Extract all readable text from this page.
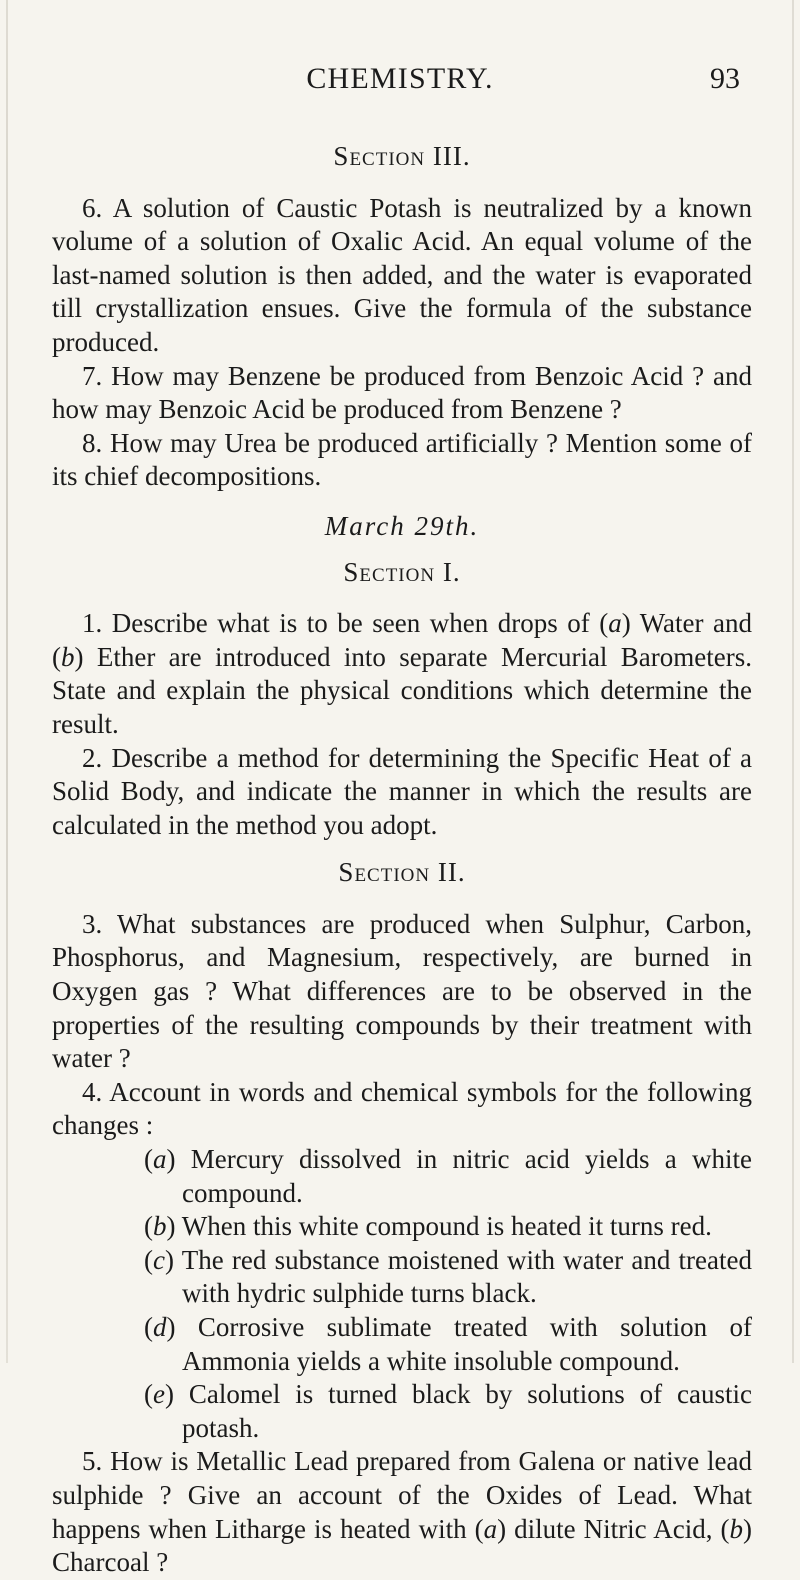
CHEMISTRY.	93
Section III.

6. A solution of Caustic Potash is neutralized by a known volume of a solution of Oxalic Acid. An equal volume of the last-named solution is then added, and the water is evaporated till crystallization ensues. Give the formula of the substance produced.

7. How may Benzene be produced from Benzoic Acid ? and how may Benzoic Acid be produced from Benzene ?

8. How may Urea be produced artificially ? Mention some of its chief decompositions.

March 29th.
Section I.

1. Describe what is to be seen when drops of (a) Water and (b) Ether are introduced into separate Mercurial Barometers. State and explain the physical conditions which determine the result.

2. Describe a method for determining the Specific Heat of a Solid Body, and indicate the manner in which the results are calculated in the method you adopt.

Section II.

3. What substances are produced when Sulphur, Carbon, Phosphorus, and Magnesium, respectively, are burned in Oxygen gas ? What differences are to be observed in the properties of the resulting compounds by their treatment with water ?

4. Account in words and chemical symbols for the following changes :

(a) Mercury dissolved in nitric acid yields a white compound.
(b) When this white compound is heated it turns red.
(c) The red substance moistened with water and treated with hydric sulphide turns black.
(d) Corrosive sublimate treated with solution of Ammonia yields a white insoluble compound.
(e) Calomel is turned black by solutions of caustic potash.

5. How is Metallic Lead prepared from Galena or native lead sulphide ? Give an account of the Oxides of Lead. What happens when Litharge is heated with (a) dilute Nitric Acid, (b) Charcoal ?
